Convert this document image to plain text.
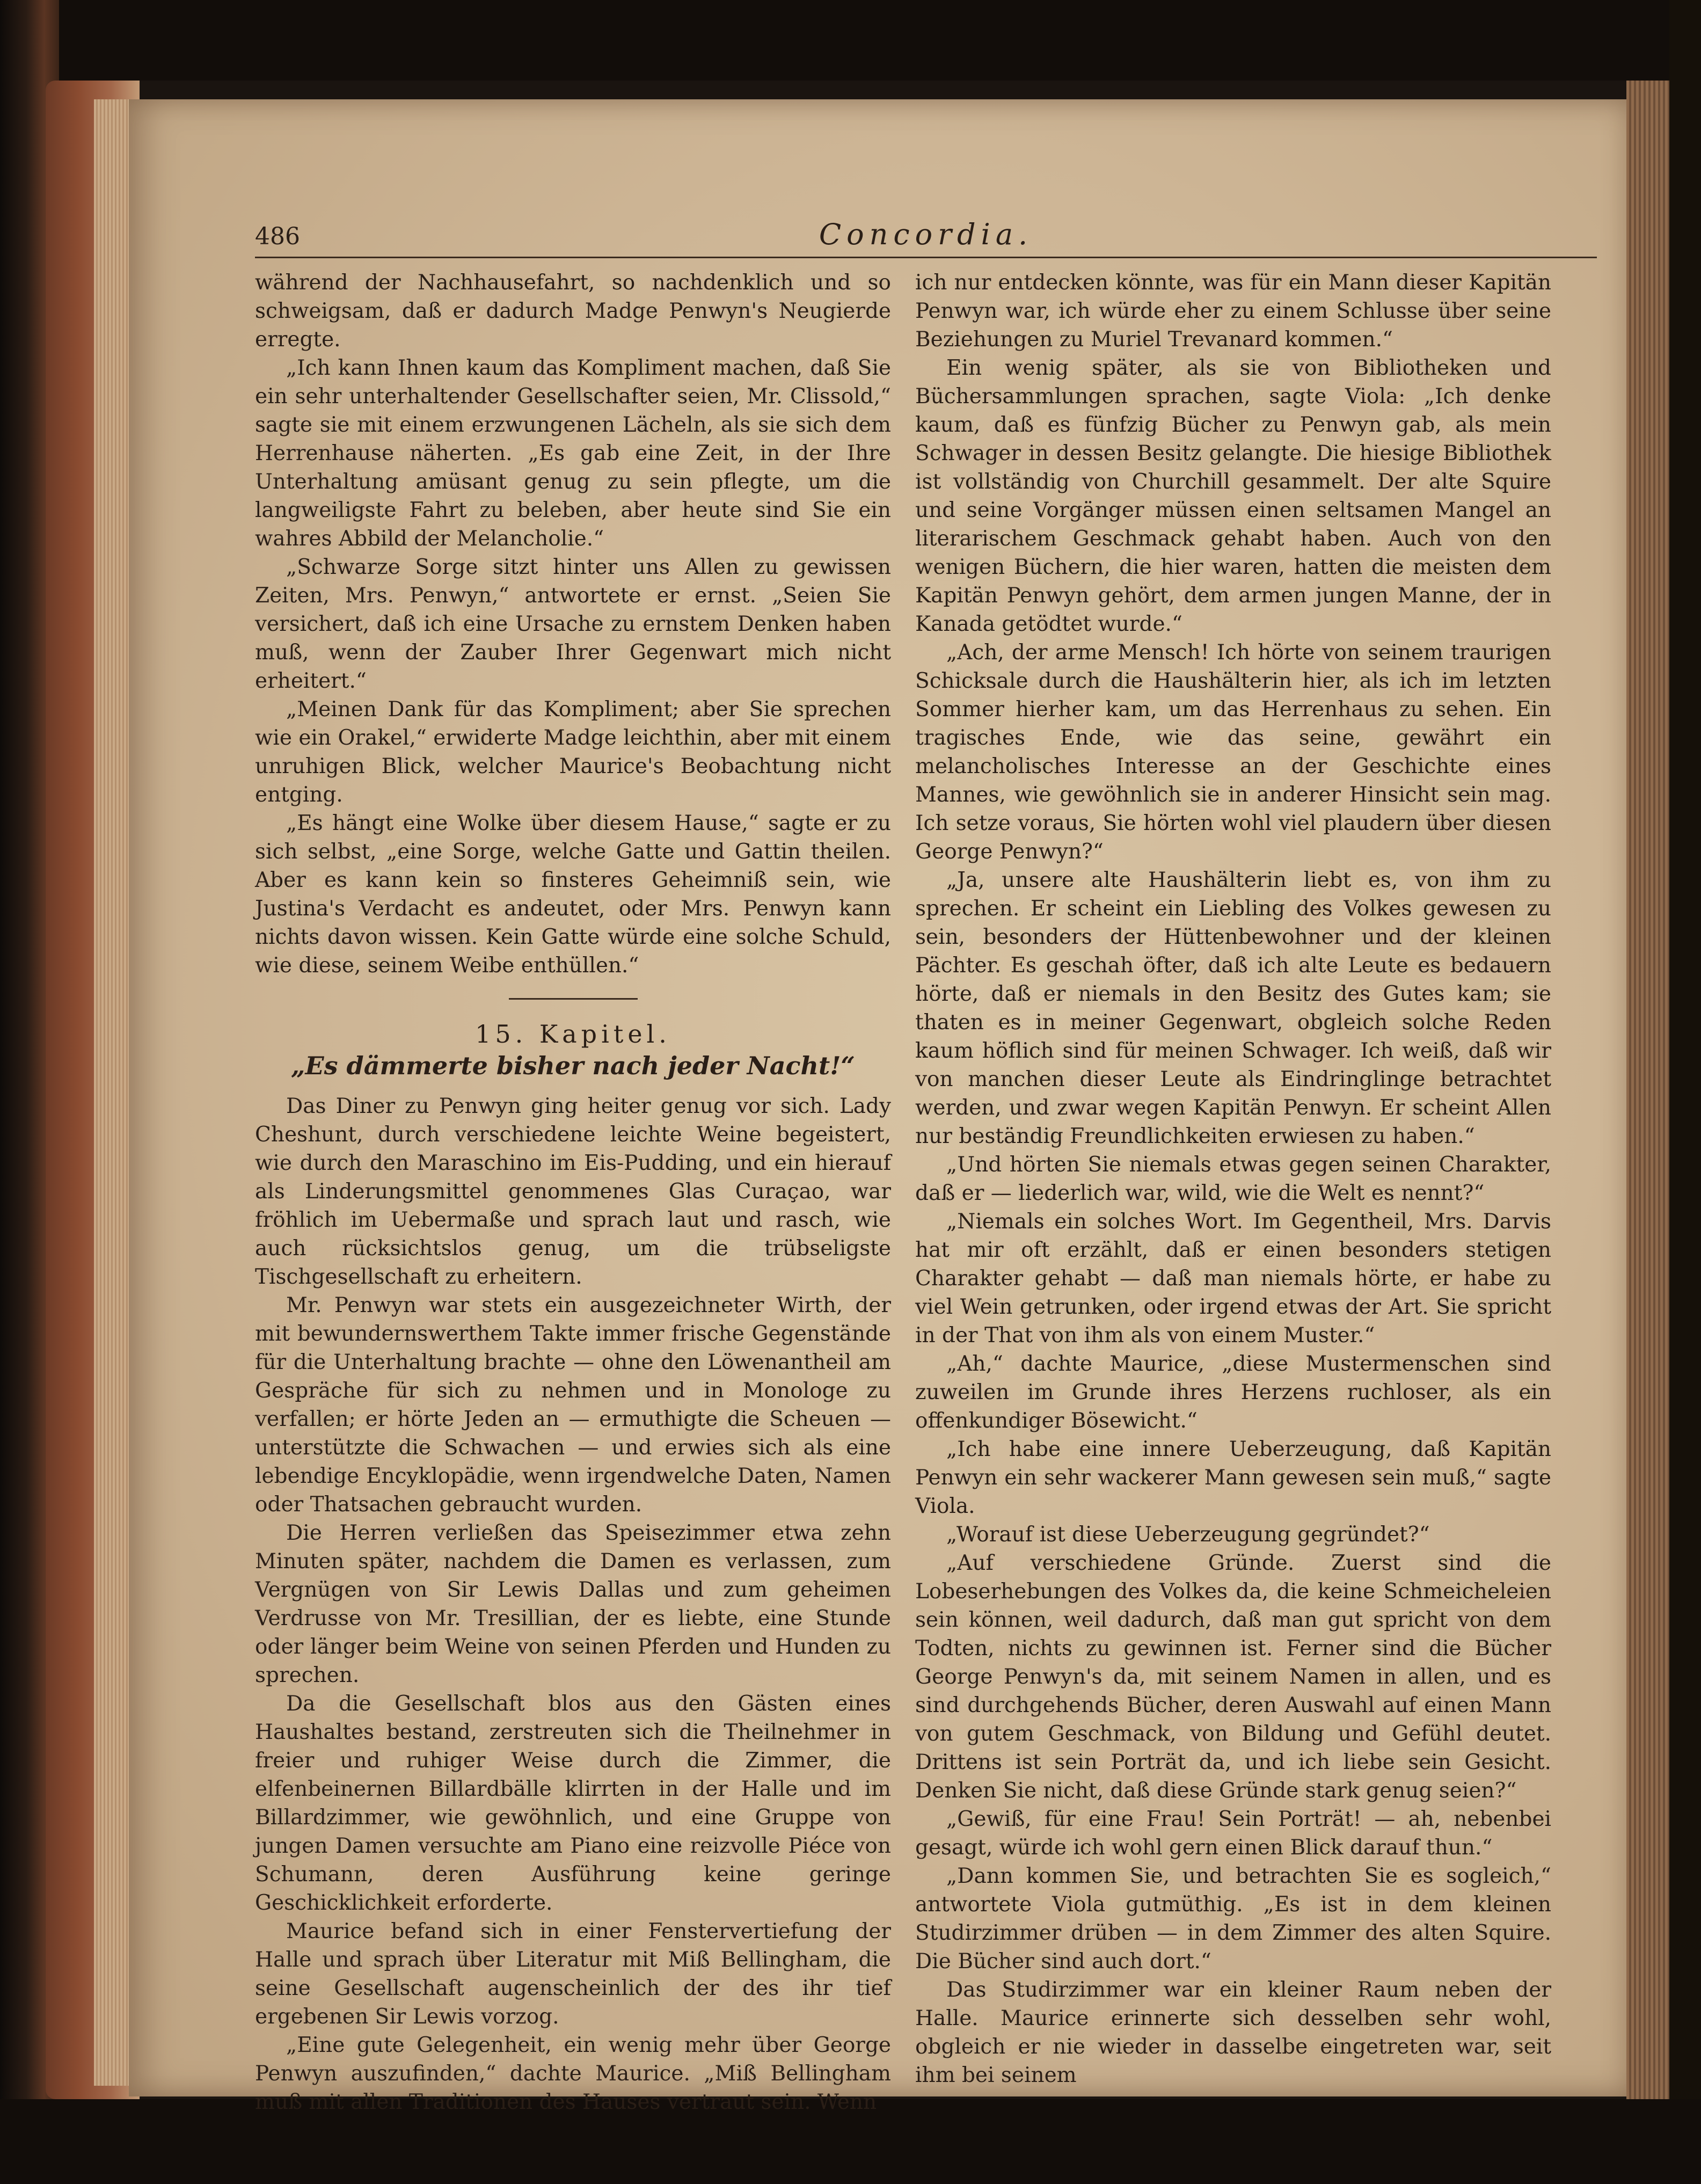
486	Concordia.

während der Nachhausefahrt, so nachdenklich und so schweigsam, daß er dadurch Madge Penwyn's Neugierde erregte.

„Ich kann Ihnen kaum das Kompliment machen, daß Sie ein sehr unterhaltender Gesellschafter seien, Mr. Clissold,“ sagte sie mit einem erzwungenen Lächeln, als sie sich dem Herrenhause näherten. „Es gab eine Zeit, in der Ihre Unterhaltung amüsant genug zu sein pflegte, um die langweiligste Fahrt zu beleben, aber heute sind Sie ein wahres Abbild der Melancholie.“

„Schwarze Sorge sitzt hinter uns Allen zu gewissen Zeiten, Mrs. Penwyn,“ antwortete er ernst. „Seien Sie versichert, daß ich eine Ursache zu ernstem Denken haben muß, wenn der Zauber Ihrer Gegenwart mich nicht erheitert.“

„Meinen Dank für das Kompliment; aber Sie sprechen wie ein Orakel,“ erwiderte Madge leichthin, aber mit einem unruhigen Blick, welcher Maurice's Beobachtung nicht entging.

„Es hängt eine Wolke über diesem Hause,“ sagte er zu sich selbst, „eine Sorge, welche Gatte und Gattin theilen. Aber es kann kein so finsteres Geheimniß sein, wie Justina's Verdacht es andeutet, oder Mrs. Penwyn kann nichts davon wissen. Kein Gatte würde eine solche Schuld, wie diese, seinem Weibe enthüllen.“

15. Kapitel.
„Es dämmerte bisher nach jeder Nacht!“

Das Diner zu Penwyn ging heiter genug vor sich. Lady Cheshunt, durch verschiedene leichte Weine begeistert, wie durch den Maraschino im Eis-Pudding, und ein hierauf als Linderungsmittel genommenes Glas Curaçao, war fröhlich im Uebermaße und sprach laut und rasch, wie auch rücksichtslos genug, um die trübseligste Tischgesellschaft zu erheitern.

Mr. Penwyn war stets ein ausgezeichneter Wirth, der mit bewundernswerthem Takte immer frische Gegenstände für die Unterhaltung brachte — ohne den Löwenantheil am Gespräche für sich zu nehmen und in Monologe zu verfallen; er hörte Jeden an — ermuthigte die Scheuen — unterstützte die Schwachen — und erwies sich als eine lebendige Encyklopädie, wenn irgendwelche Daten, Namen oder Thatsachen gebraucht wurden.

Die Herren verließen das Speisezimmer etwa zehn Minuten später, nachdem die Damen es verlassen, zum Vergnügen von Sir Lewis Dallas und zum geheimen Verdrusse von Mr. Tresillian, der es liebte, eine Stunde oder länger beim Weine von seinen Pferden und Hunden zu sprechen.

Da die Gesellschaft blos aus den Gästen eines Haushaltes bestand, zerstreuten sich die Theilnehmer in freier und ruhiger Weise durch die Zimmer, die elfenbeinernen Billardbälle klirrten in der Halle und im Billardzimmer, wie gewöhnlich, und eine Gruppe von jungen Damen versuchte am Piano eine reizvolle Piéce von Schumann, deren Ausführung keine geringe Geschicklichkeit erforderte.

Maurice befand sich in einer Fenstervertiefung der Halle und sprach über Literatur mit Miß Bellingham, die seine Gesellschaft augenscheinlich der des ihr tief ergebenen Sir Lewis vorzog.

„Eine gute Gelegenheit, ein wenig mehr über George Penwyn auszufinden,“ dachte Maurice. „Miß Bellingham muß mit allen Traditionen des Hauses vertraut sein. Wenn

ich nur entdecken könnte, was für ein Mann dieser Kapitän Penwyn war, ich würde eher zu einem Schlusse über seine Beziehungen zu Muriel Trevanard kommen.“

Ein wenig später, als sie von Bibliotheken und Büchersammlungen sprachen, sagte Viola: „Ich denke kaum, daß es fünfzig Bücher zu Penwyn gab, als mein Schwager in dessen Besitz gelangte. Die hiesige Bibliothek ist vollständig von Churchill gesammelt. Der alte Squire und seine Vorgänger müssen einen seltsamen Mangel an literarischem Geschmack gehabt haben. Auch von den wenigen Büchern, die hier waren, hatten die meisten dem Kapitän Penwyn gehört, dem armen jungen Manne, der in Kanada getödtet wurde.“

„Ach, der arme Mensch! Ich hörte von seinem traurigen Schicksale durch die Haushälterin hier, als ich im letzten Sommer hierher kam, um das Herrenhaus zu sehen. Ein tragisches Ende, wie das seine, gewährt ein melancholisches Interesse an der Geschichte eines Mannes, wie gewöhnlich sie in anderer Hinsicht sein mag. Ich setze voraus, Sie hörten wohl viel plaudern über diesen George Penwyn?“

„Ja, unsere alte Haushälterin liebt es, von ihm zu sprechen. Er scheint ein Liebling des Volkes gewesen zu sein, besonders der Hüttenbewohner und der kleinen Pächter. Es geschah öfter, daß ich alte Leute es bedauern hörte, daß er niemals in den Besitz des Gutes kam; sie thaten es in meiner Gegenwart, obgleich solche Reden kaum höflich sind für meinen Schwager. Ich weiß, daß wir von manchen dieser Leute als Eindringlinge betrachtet werden, und zwar wegen Kapitän Penwyn. Er scheint Allen nur beständig Freundlichkeiten erwiesen zu haben.“

„Und hörten Sie niemals etwas gegen seinen Charakter, daß er — liederlich war, wild, wie die Welt es nennt?“

„Niemals ein solches Wort. Im Gegentheil, Mrs. Darvis hat mir oft erzählt, daß er einen besonders stetigen Charakter gehabt — daß man niemals hörte, er habe zu viel Wein getrunken, oder irgend etwas der Art. Sie spricht in der That von ihm als von einem Muster.“

„Ah,“ dachte Maurice, „diese Mustermenschen sind zuweilen im Grunde ihres Herzens ruchloser, als ein offenkundiger Bösewicht.“

„Ich habe eine innere Ueberzeugung, daß Kapitän Penwyn ein sehr wackerer Mann gewesen sein muß,“ sagte Viola.

„Worauf ist diese Ueberzeugung gegründet?“

„Auf verschiedene Gründe. Zuerst sind die Lobeserhebungen des Volkes da, die keine Schmeicheleien sein können, weil dadurch, daß man gut spricht von dem Todten, nichts zu gewinnen ist. Ferner sind die Bücher George Penwyn's da, mit seinem Namen in allen, und es sind durchgehends Bücher, deren Auswahl auf einen Mann von gutem Geschmack, von Bildung und Gefühl deutet. Drittens ist sein Porträt da, und ich liebe sein Gesicht. Denken Sie nicht, daß diese Gründe stark genug seien?“

„Gewiß, für eine Frau! Sein Porträt! — ah, nebenbei gesagt, würde ich wohl gern einen Blick darauf thun.“

„Dann kommen Sie, und betrachten Sie es sogleich,“ antwortete Viola gutmüthig. „Es ist in dem kleinen Studirzimmer drüben — in dem Zimmer des alten Squire. Die Bücher sind auch dort.“

Das Studirzimmer war ein kleiner Raum neben der Halle. Maurice erinnerte sich desselben sehr wohl, obgleich er nie wieder in dasselbe eingetreten war, seit ihm bei seinem
